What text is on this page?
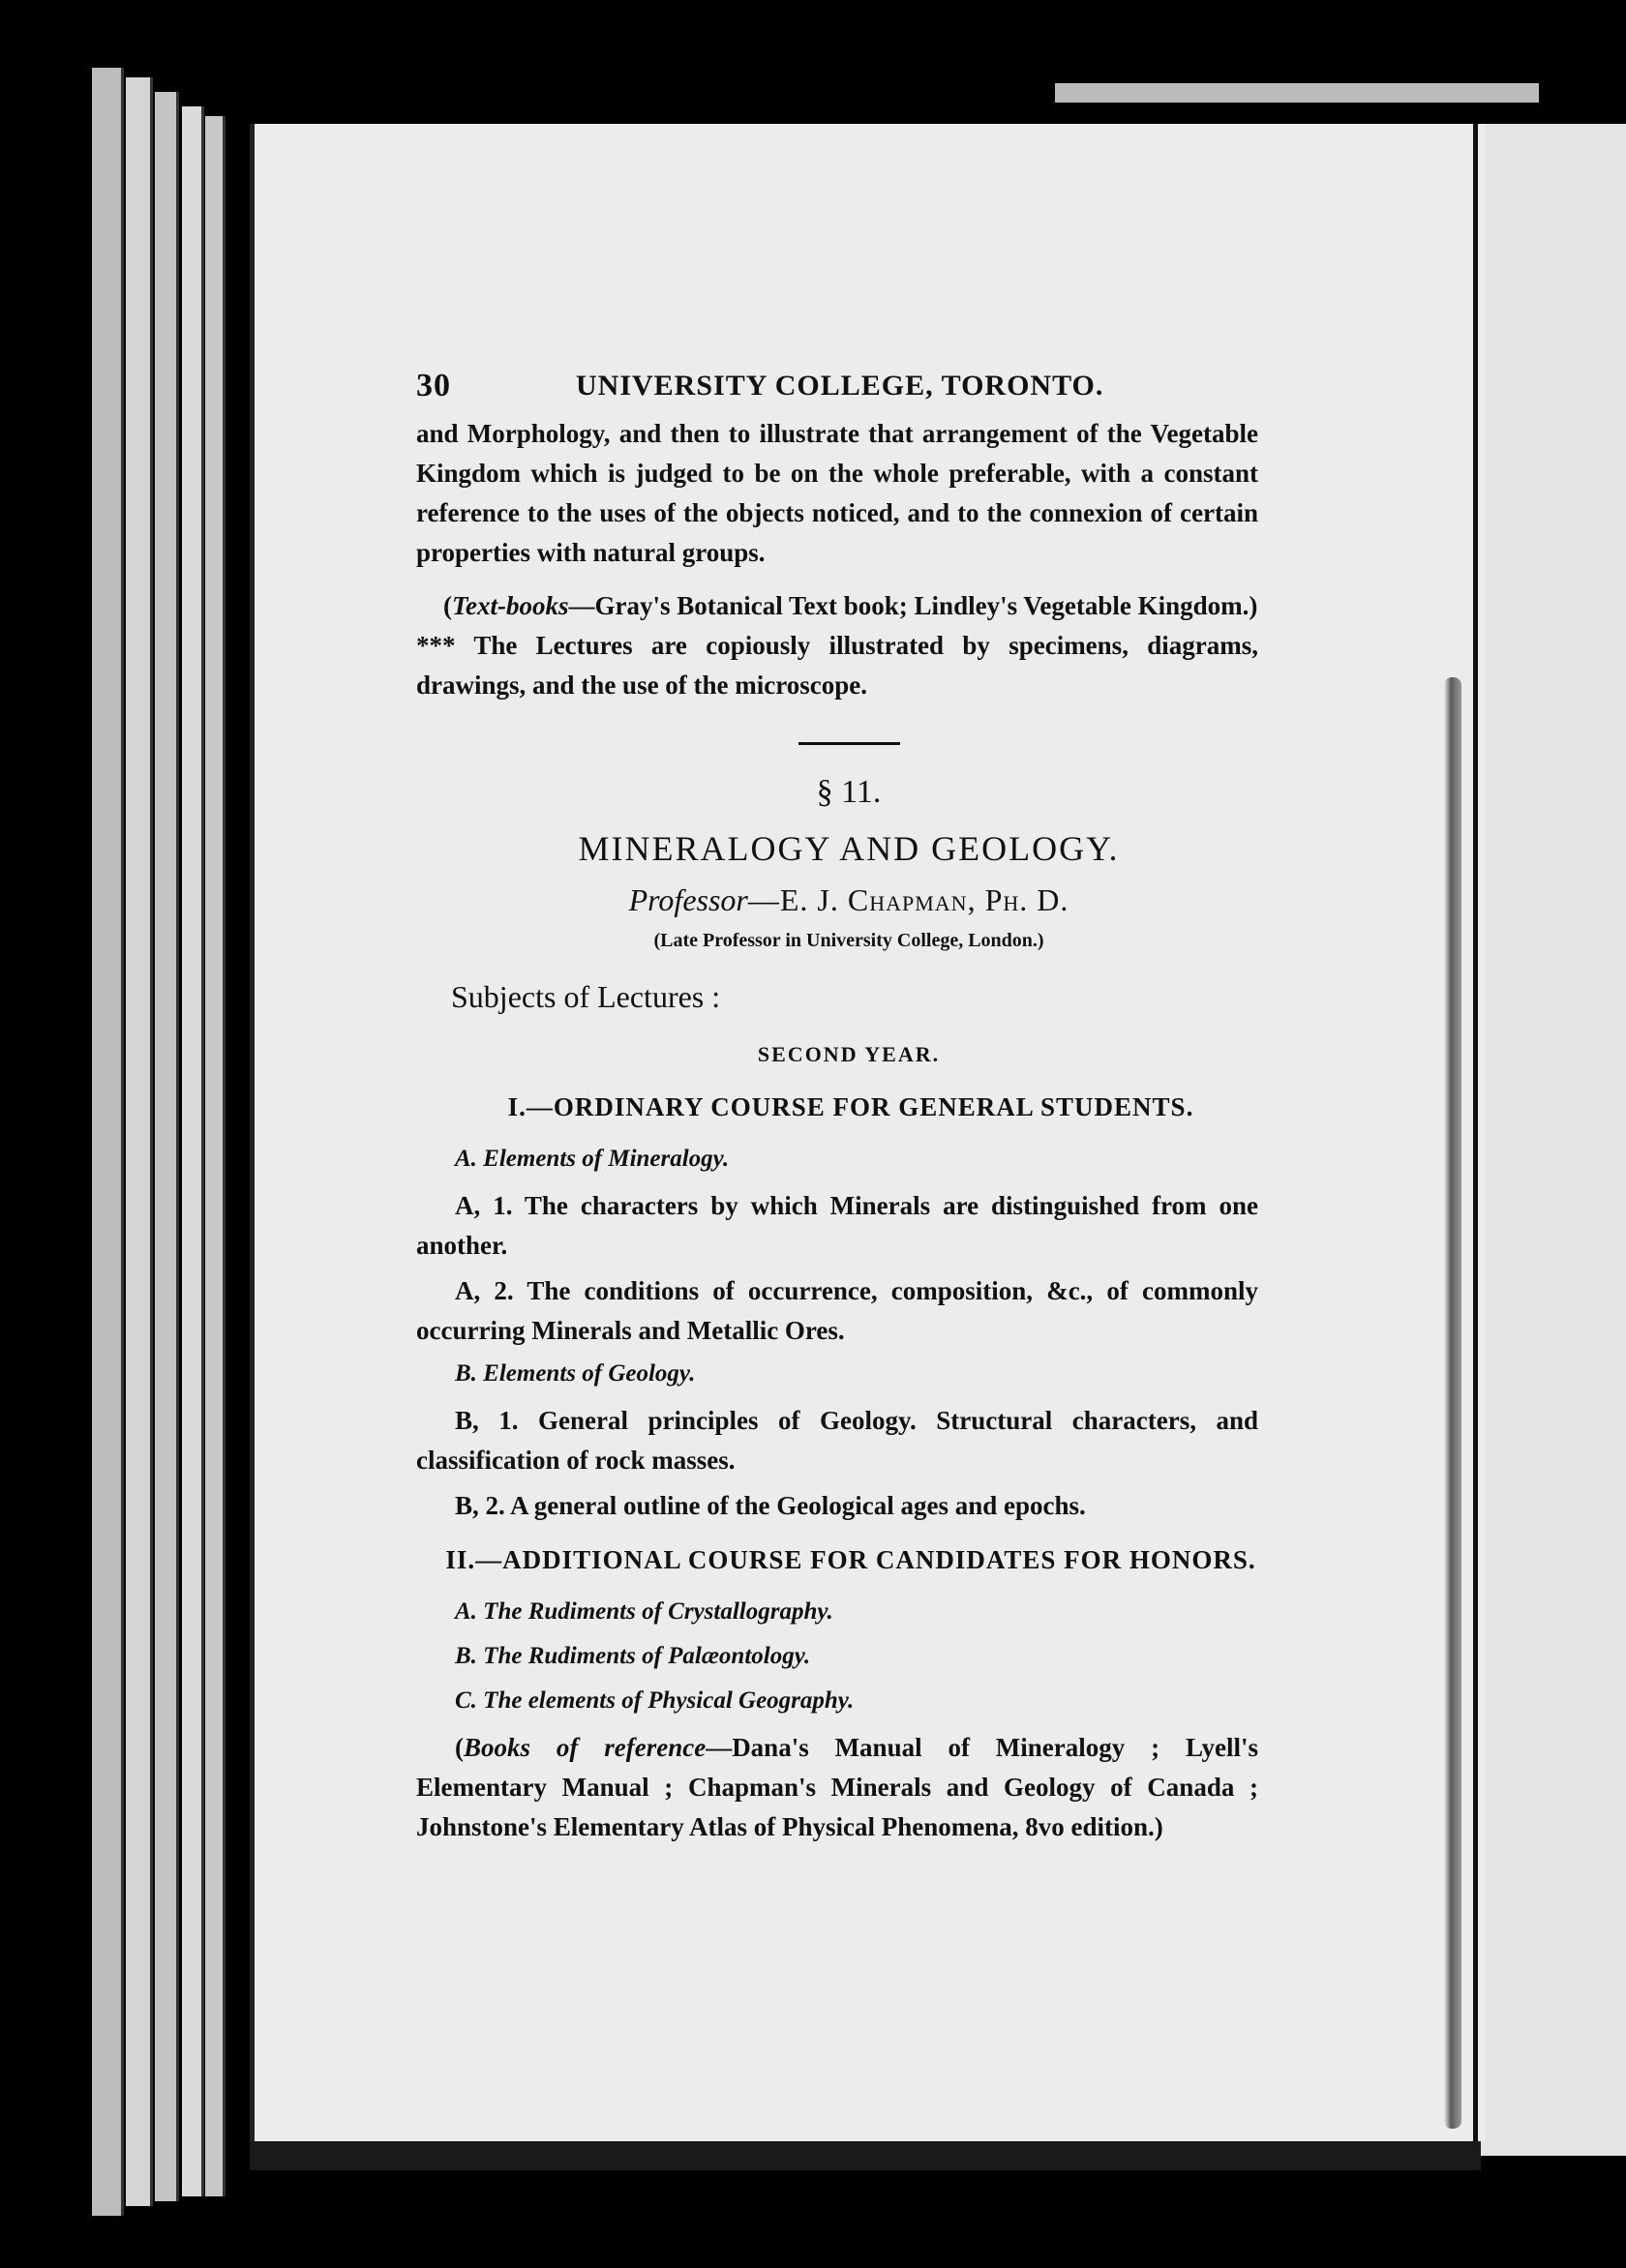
30	UNIVERSITY COLLEGE, TORONTO.

and Morphology, and then to illustrate that arrangement of the Vegetable Kingdom which is judged to be on the whole preferable, with a constant reference to the uses of the objects noticed, and to the connexion of certain properties with natural groups.

(Text-books—Gray's Botanical Text book; Lindley's Vegetable Kingdom.)

*** The Lectures are copiously illustrated by specimens, diagrams, drawings, and the use of the microscope.

§ 11.
MINERALOGY AND GEOLOGY.
Professor—E. J. Chapman, Ph. D.
(Late Professor in University College, London.)
Subjects of Lectures :
SECOND YEAR.
I.—ORDINARY COURSE FOR GENERAL STUDENTS.

A. Elements of Mineralogy.

A, 1. The characters by which Minerals are distinguished from one another.

A, 2. The conditions of occurrence, composition, &c., of commonly occurring Minerals and Metallic Ores.

B. Elements of Geology.

B, 1. General principles of Geology. Structural characters, and classification of rock masses.

B, 2. A general outline of the Geological ages and epochs.

II.—ADDITIONAL COURSE FOR CANDIDATES FOR HONORS.

A. The Rudiments of Crystallography.

B. The Rudiments of Palæontology.

C. The elements of Physical Geography.

(Books of reference—Dana's Manual of Mineralogy ; Lyell's Elementary Manual ; Chapman's Minerals and Geology of Canada ; Johnstone's Elementary Atlas of Physical Phenomena, 8vo edition.)
